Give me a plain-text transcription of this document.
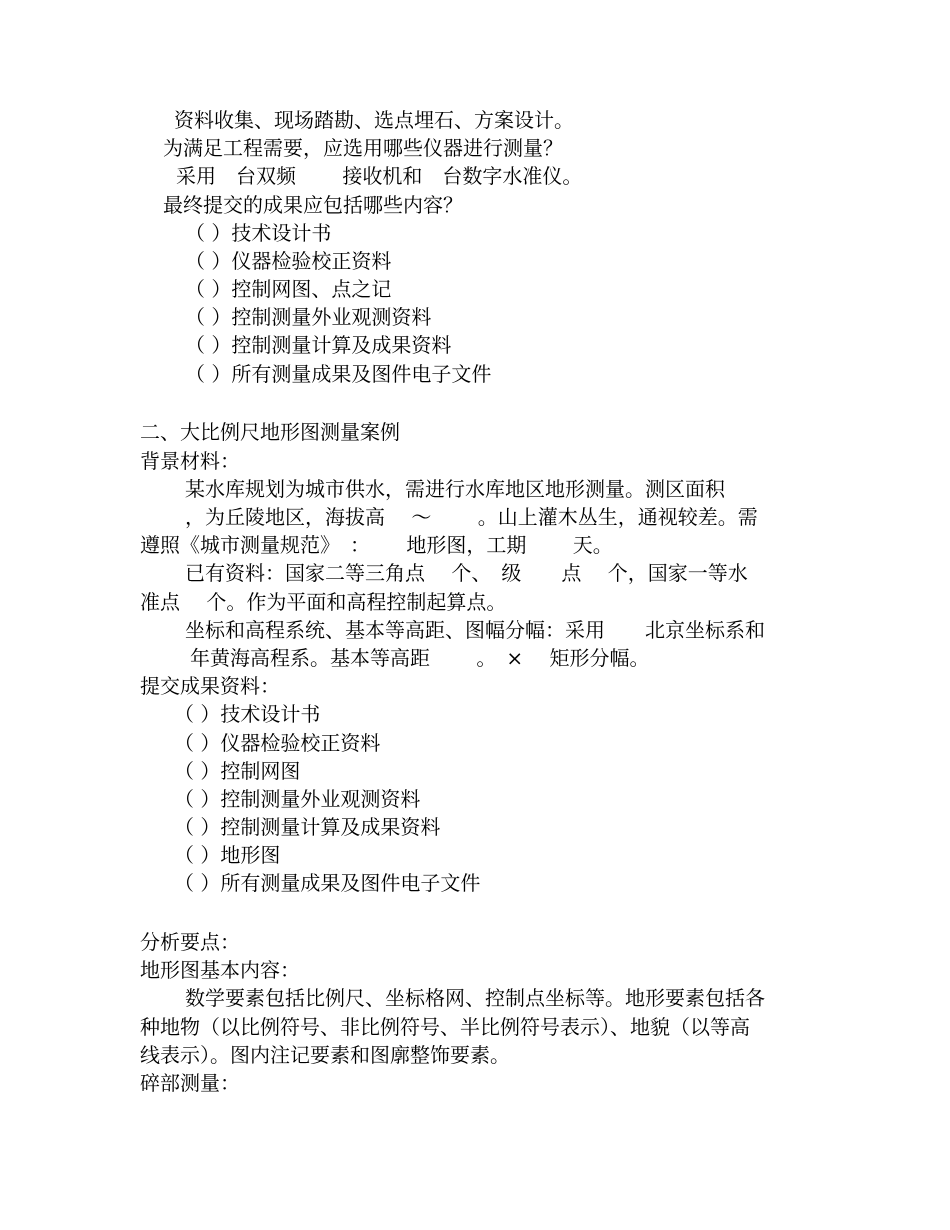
资料收集、现场踏勘、选点埋石、方案设计。
为满足工程需要，应选用哪些仪器进行测量？
采用　台双频　　 接收机和　台数字水准仪。
最终提交的成果应包括哪些内容？
（ ）技术设计书
（ ）仪器检验校正资料
（ ）控制网图、点之记
（ ）控制测量外业观测资料
（ ）控制测量计算及成果资料
（ ）所有测量成果及图件电子文件
二、大比例尺地形图测量案例
背景材料：
某水库规划为城市供水，需进行水库地区地形测量。测区面积
，为丘陵地区，海拔高　 ～　　 。山上灌木丛生，通视较差。需
遵照《城市测量规范》　：　　 地形图，工期　　 天。
已有资料：国家二等三角点　 个、　级　　点　 个，国家一等水
准点　 个。作为平面和高程控制起算点。
坐标和高程系统、基本等高距、图幅分幅：采用　　北京坐标系和
年黄海高程系。基本等高距　　 。　×　 矩形分幅。
提交成果资料：
（ ）技术设计书
（ ）仪器检验校正资料
（ ）控制网图
（ ）控制测量外业观测资料
（ ）控制测量计算及成果资料
（ ）地形图
（ ）所有测量成果及图件电子文件
分析要点：
地形图基本内容：
数学要素包括比例尺、坐标格网、控制点坐标等。地形要素包括各
种地物（以比例符号、非比例符号、半比例符号表示）、地貌（以等高
线表示）。图内注记要素和图廓整饰要素。
碎部测量：
